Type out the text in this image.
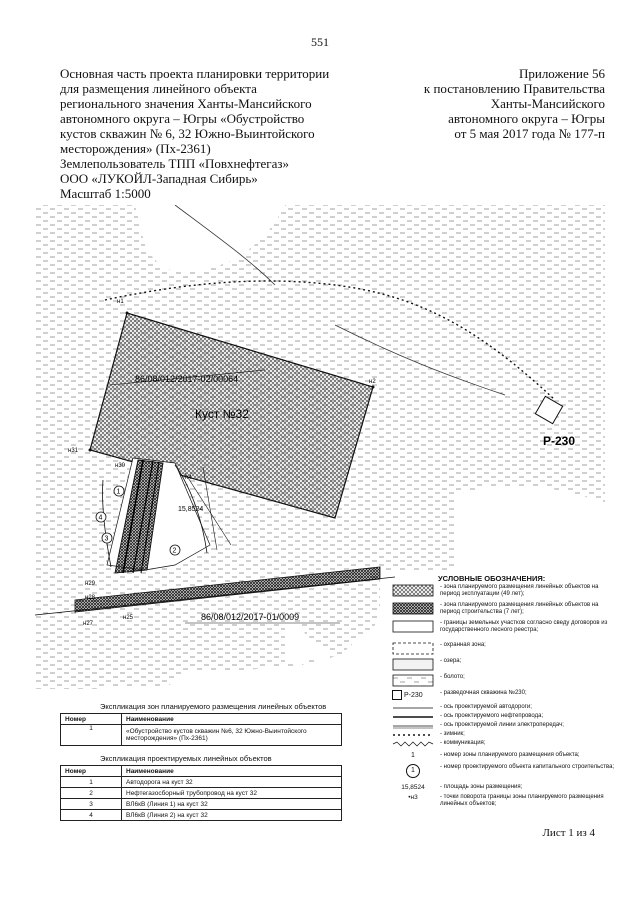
551
Основная часть проекта планировки территории
для размещения линейного объекта
регионального значения Ханты-Мансийского
автономного округа – Югры «Обустройство
кустов скважин № 6, 32 Южно-Выинтойского
месторождения» (Пх-2361)
Землепользователь ТПП «Повхнефтегаз»
ООО «ЛУКОЙЛ-Западная Сибирь»
Масштаб 1:5000
Приложение 56
к постановлению Правительства
Ханты-Мансийского
автономного округа – Югры
от 5 мая 2017 года № 177-п
Р-230
86/08/012/2017-02/00064
86/08/012/2017-01/0009
Куст №32
15,8524
н1
н2
н31
н30
н29
н28
н27
н25
н4
1
4
3
2
УСЛОВНЫЕ ОБОЗНАЧЕНИЯ:
- зона планируемого размещения линейных объектов на период эксплуатации (49 лет);
- зона планируемого размещения линейных объектов на период строительства (7 лет);
- границы земельных участков согласно сведу договоров из государственного лесного реестра;
- охранная зона;
- озера;
- болото;
Р-230	- разведочная скважина №230;
- ось проектируемой автодороги;
- ось проектируемого нефтепровода;
- ось проектируемой линии электропередач;
- зимник;
- коммуникация;
1	- номер зоны планируемого размещения объекта;
1	- номер проектируемого объекта капитального строительства;
15,8524	- площадь зоны размещения;
•н3	- точки поворота границы зоны планируемого размещения линейных объектов;
Экспликация зон планируемого размещения линейных объектов
Номер	Наименование
1	«Обустройство кустов скважин №6, 32 Южно-Выинтойского месторождения» (Пх-2361)
Экспликация проектируемых линейных объектов
Номер	Наименование
1	Автодорога на куст 32
2	Нефтегазосборный трубопровод на куст 32
3	ВЛ6кВ (Линия 1) на куст 32
4	ВЛ6кВ (Линия 2) на куст 32
Лист 1 из 4
